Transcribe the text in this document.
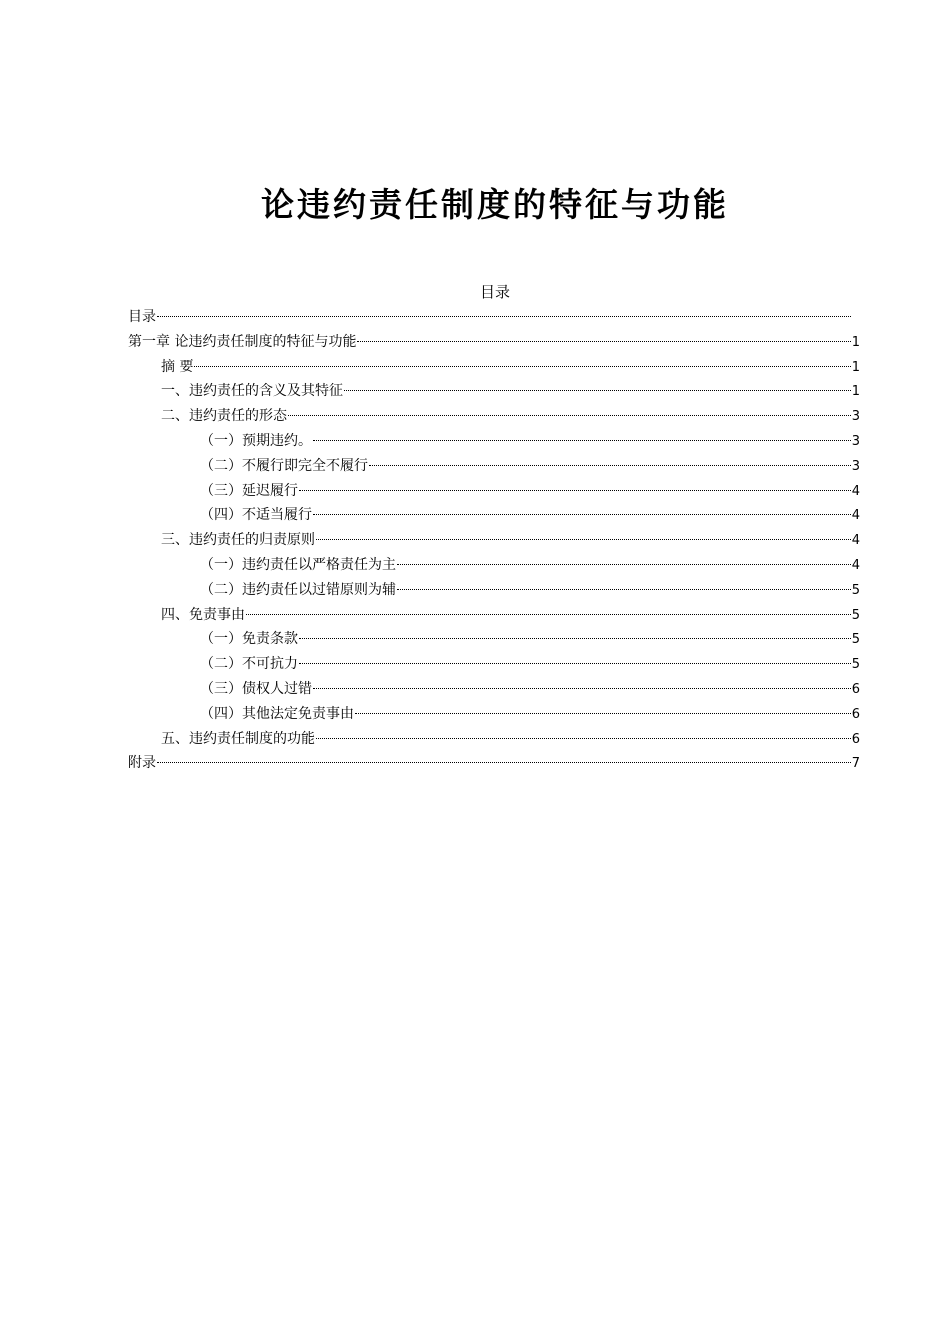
论违约责任制度的特征与功能
目录
目录
第一章 论违约责任制度的特征与功能	1
摘 要	1
一、违约责任的含义及其特征	1
二、违约责任的形态	3
（一）预期违约。	3
（二）不履行即完全不履行	3
（三）延迟履行	4
（四）不适当履行	4
三、违约责任的归责原则	4
（一）违约责任以严格责任为主	4
（二）违约责任以过错原则为辅	5
四、免责事由	5
（一）免责条款	5
（二）不可抗力	5
（三）债权人过错	6
（四）其他法定免责事由	6
五、违约责任制度的功能	6
附录	7
